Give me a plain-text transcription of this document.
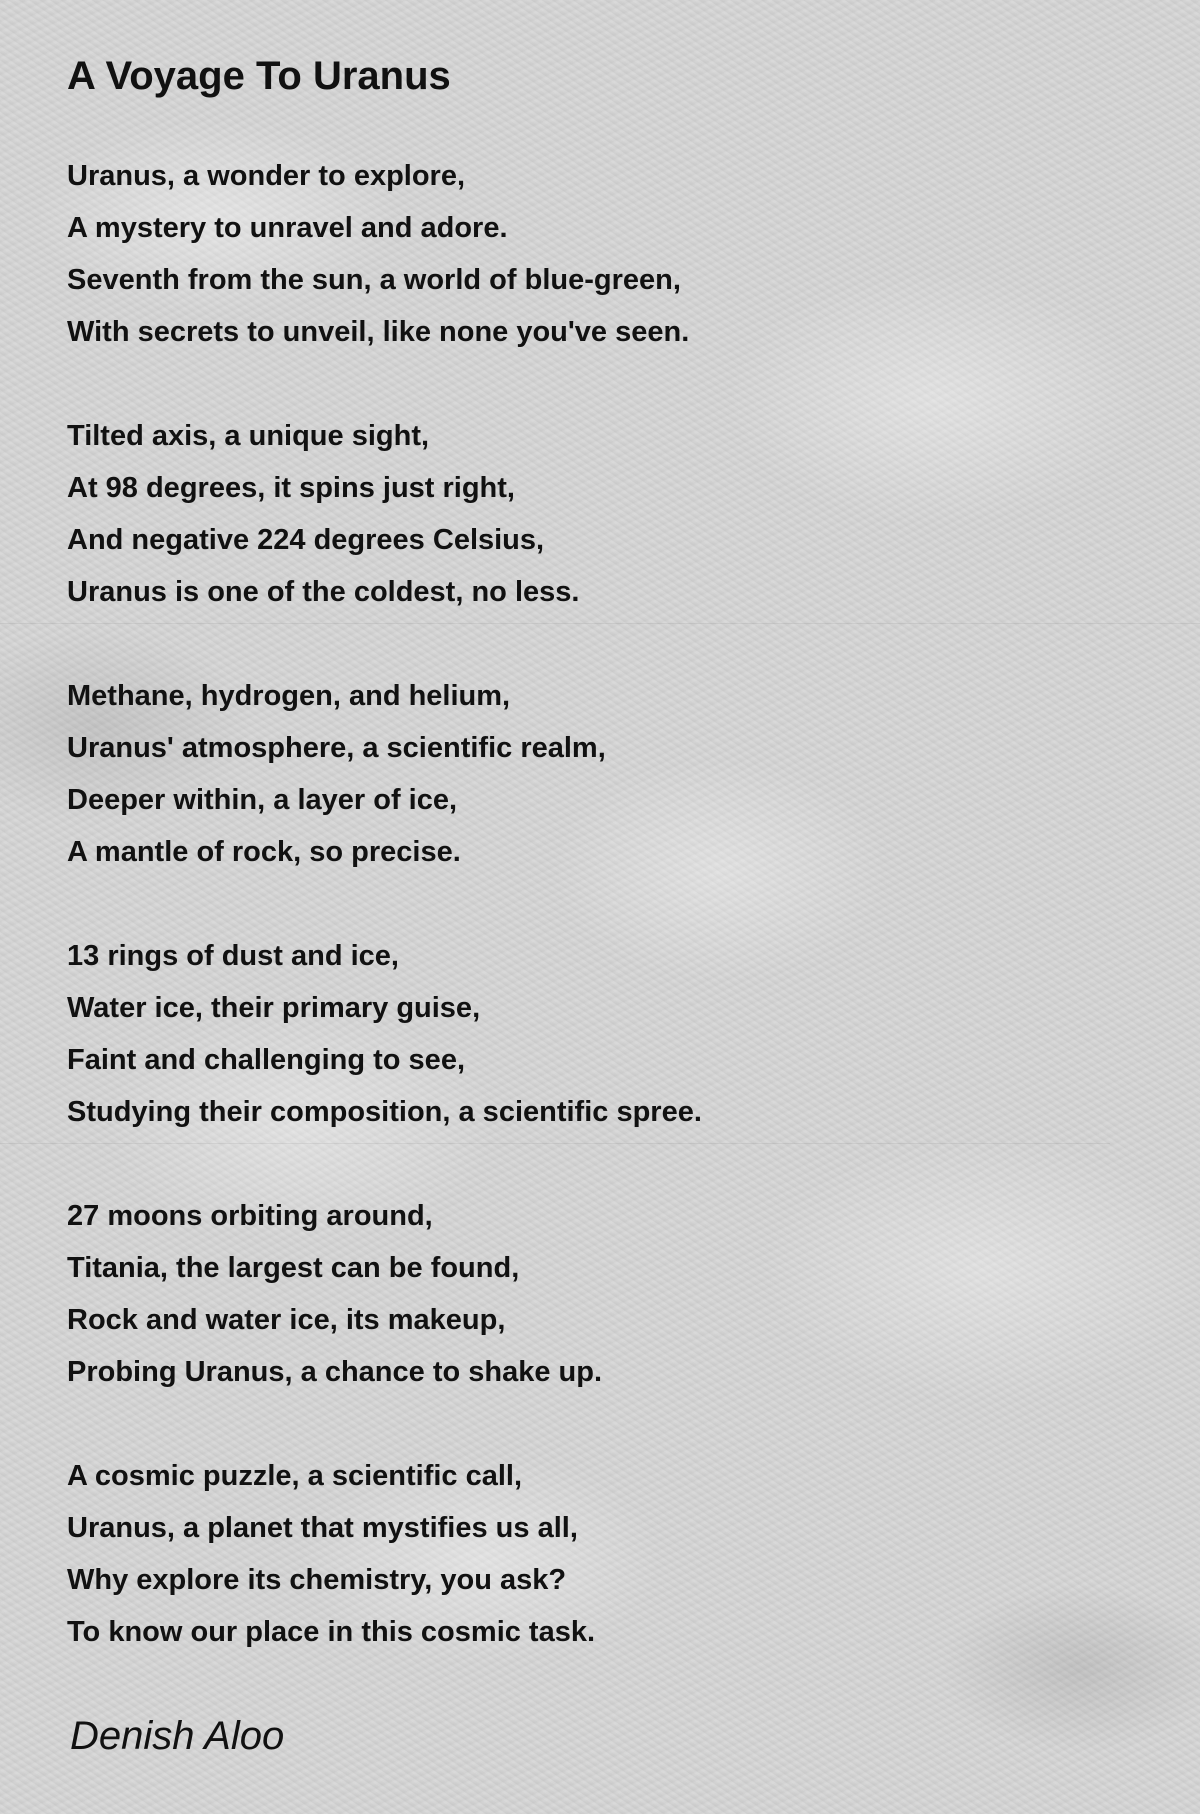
A Voyage To Uranus
Uranus, a wonder to explore,
A mystery to unravel and adore.
Seventh from the sun, a world of blue-green,
With secrets to unveil, like none you've seen.
Tilted axis, a unique sight,
At 98 degrees, it spins just right,
And negative 224 degrees Celsius,
Uranus is one of the coldest, no less.
Methane, hydrogen, and helium,
Uranus' atmosphere, a scientific realm,
Deeper within, a layer of ice,
A mantle of rock, so precise.
13 rings of dust and ice,
Water ice, their primary guise,
Faint and challenging to see,
Studying their composition, a scientific spree.
27 moons orbiting around,
Titania, the largest can be found,
Rock and water ice, its makeup,
Probing Uranus, a chance to shake up.
A cosmic puzzle, a scientific call,
Uranus, a planet that mystifies us all,
Why explore its chemistry, you ask?
To know our place in this cosmic task.
Denish Aloo
